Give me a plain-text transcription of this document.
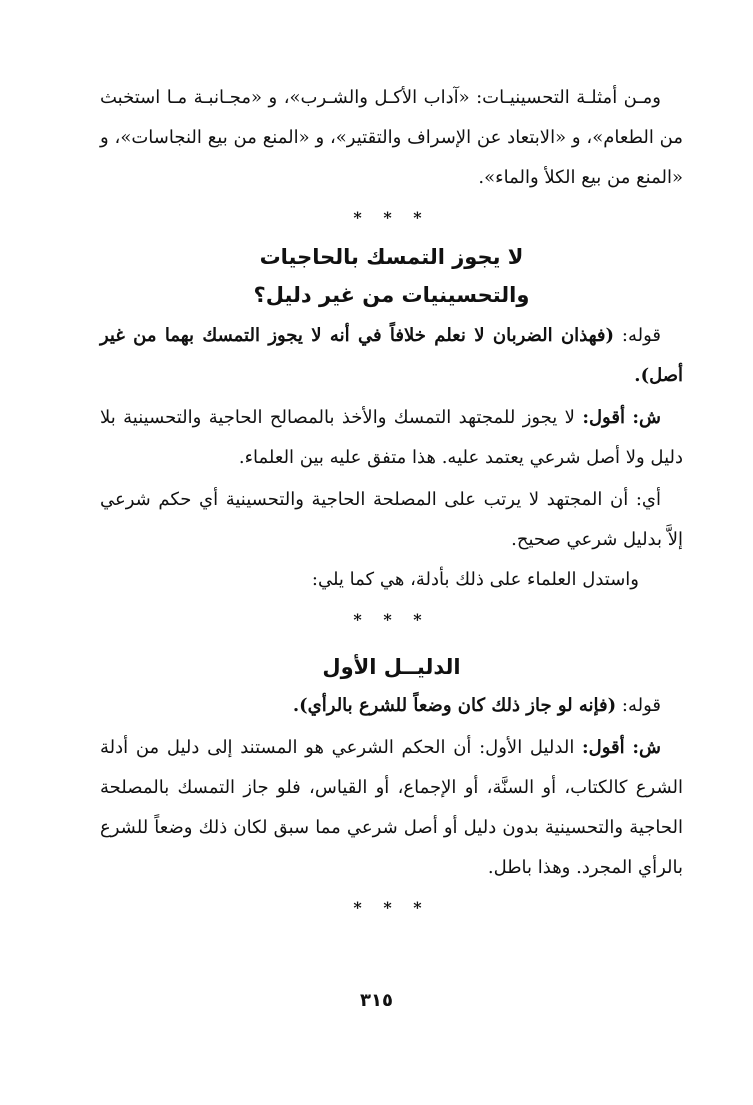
ومـن أمثلـة التحسينيـات: «آداب الأكـل والشـرب»، و «مجـانبـة مـا استخبث من الطعام»، و «الابتعاد عن الإسراف والتقتير»، و «المنع من بيع النجاسات»، و «المنع من بيع الكلأ والماء».

* * *
لا يجوز التمسك بالحاجيات
والتحسينيات من غير دليل؟

قوله: (فهذان الضربان لا نعلم خلافاً في أنه لا يجوز التمسك بهما من غير أصل).

ش: أقول: لا يجوز للمجتهد التمسك والأخذ بالمصالح الحاجية والتحسينية بلا دليل ولا أصل شرعي يعتمد عليه. هذا متفق عليه بين العلماء.

أي: أن المجتهد لا يرتب على المصلحة الحاجية والتحسينية أي حكم شرعي إلاَّ بدليل شرعي صحيح.

واستدل العلماء على ذلك بأدلة، هي كما يلي:

* * *
الدليــل الأول

قوله: (فإنه لو جاز ذلك كان وضعاً للشرع بالرأي).

ش: أقول: الدليل الأول: أن الحكم الشرعي هو المستند إلى دليل من أدلة الشرع كالكتاب، أو السنَّة، أو الإجماع، أو القياس، فلو جاز التمسك بالمصلحة الحاجية والتحسينية بدون دليل أو أصل شرعي مما سبق لكان ذلك وضعاً للشرع بالرأي المجرد. وهذا باطل.

* * *
٣١٥
